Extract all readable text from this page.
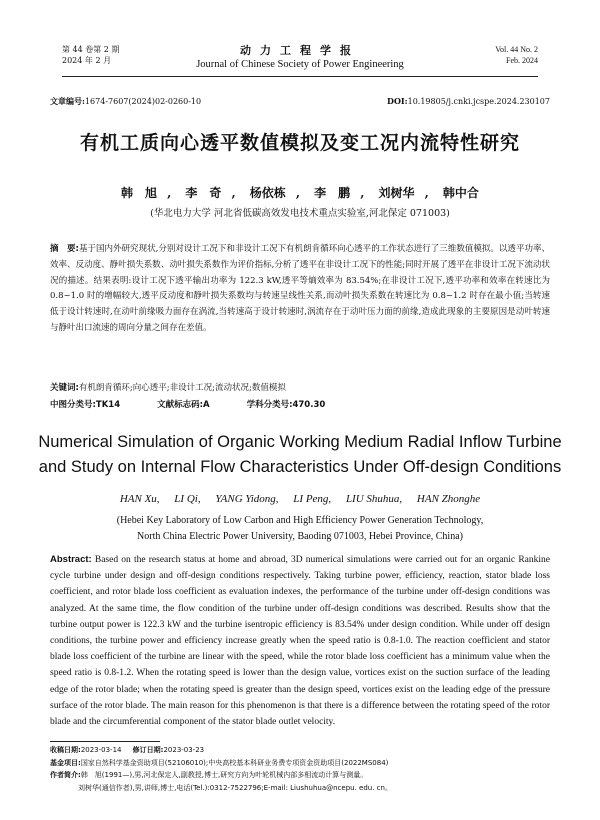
第 44 卷第 2 期
2024 年 2 月
动力工程学报
Journal of Chinese Society of Power Engineering
Vol. 44 No. 2
Feb. 2024
文章编号:1674-7607(2024)02-0260-10	DOI:10.19805/j.cnki.jcspe.2024.230107
有机工质向心透平数值模拟及变工况内流特性研究
韩　旭 , 李　奇 , 杨依栋 , 李　鹏 , 刘树华 , 韩中合
(华北电力大学 河北省低碳高效发电技术重点实验室,河北保定 071003)
摘　要:基于国内外研究现状,分别对设计工况下和非设计工况下有机朗肯循环向心透平的工作状态进行了三维数值模拟。以透平功率、效率、反动度、静叶损失系数、动叶损失系数作为评价指标,分析了透平在非设计工况下的性能;同时开展了透平在非设计工况下流动状况的描述。结果表明:设计工况下透平输出功率为 122.3 kW,透平等熵效率为 83.54%;在非设计工况下,透平功率和效率在转速比为 0.8~1.0 时的增幅较大,透平反动度和静叶损失系数均与转速呈线性关系,而动叶损失系数在转速比为 0.8~1.2 时存在最小值;当转速低于设计转速时,在动叶前缘吸力面存在涡流,当转速高于设计转速时,涡流存在于动叶压力面的前缘,造成此现象的主要原因是动叶转速与静叶出口流速的周向分量之间存在差值。
关键词:有机朗肯循环;向心透平;非设计工况;流动状况;数值模拟
中图分类号:TK14	文献标志码:A	学科分类号:470.30
Numerical Simulation of Organic Working Medium Radial Inflow Turbine
and Study on Internal Flow Characteristics Under Off-design Conditions
HAN Xu, LI Qi, YANG Yidong, LI Peng, LIU Shuhua, HAN Zhonghe
(Hebei Key Laboratory of Low Carbon and High Efficiency Power Generation Technology,
North China Electric Power University, Baoding 071003, Hebei Province, China)
Abstract: Based on the research status at home and abroad, 3D numerical simulations were carried out for an organic Rankine cycle turbine under design and off-design conditions respectively. Taking turbine power, efficiency, reaction, stator blade loss coefficient, and rotor blade loss coefficient as evaluation indexes, the performance of the turbine under off-design conditions was analyzed. At the same time, the flow condition of the turbine under off-design conditions was described. Results show that the turbine output power is 122.3 kW and the turbine isentropic efficiency is 83.54% under design condition. While under off design conditions, the turbine power and efficiency increase greatly when the speed ratio is 0.8-1.0. The reaction coefficient and stator blade loss coefficient of the turbine are linear with the speed, while the rotor blade loss coefficient has a minimum value when the speed ratio is 0.8-1.2. When the rotating speed is lower than the design value, vortices exist on the suction surface of the leading edge of the rotor blade; when the rotating speed is greater than the design speed, vortices exist on the leading edge of the pressure surface of the rotor blade. The main reason for this phenomenon is that there is a difference between the rotating speed of the rotor blade and the circumferential component of the stator blade outlet velocity.
收稿日期:2023-03-14 修订日期:2023-03-23
基金项目:国家自然科学基金资助项目(52106010);中央高校基本科研业务费专项资金资助项目(2022MS084)
作者简介:韩　旭(1991—),男,河北保定人,副教授,博士,研究方向为叶轮机械内部多相流动计算与测量。
刘树华(通信作者),男,讲师,博士,电话(Tel.):0312-7522796;E-mail: Liushuhua@ncepu. edu. cn。
